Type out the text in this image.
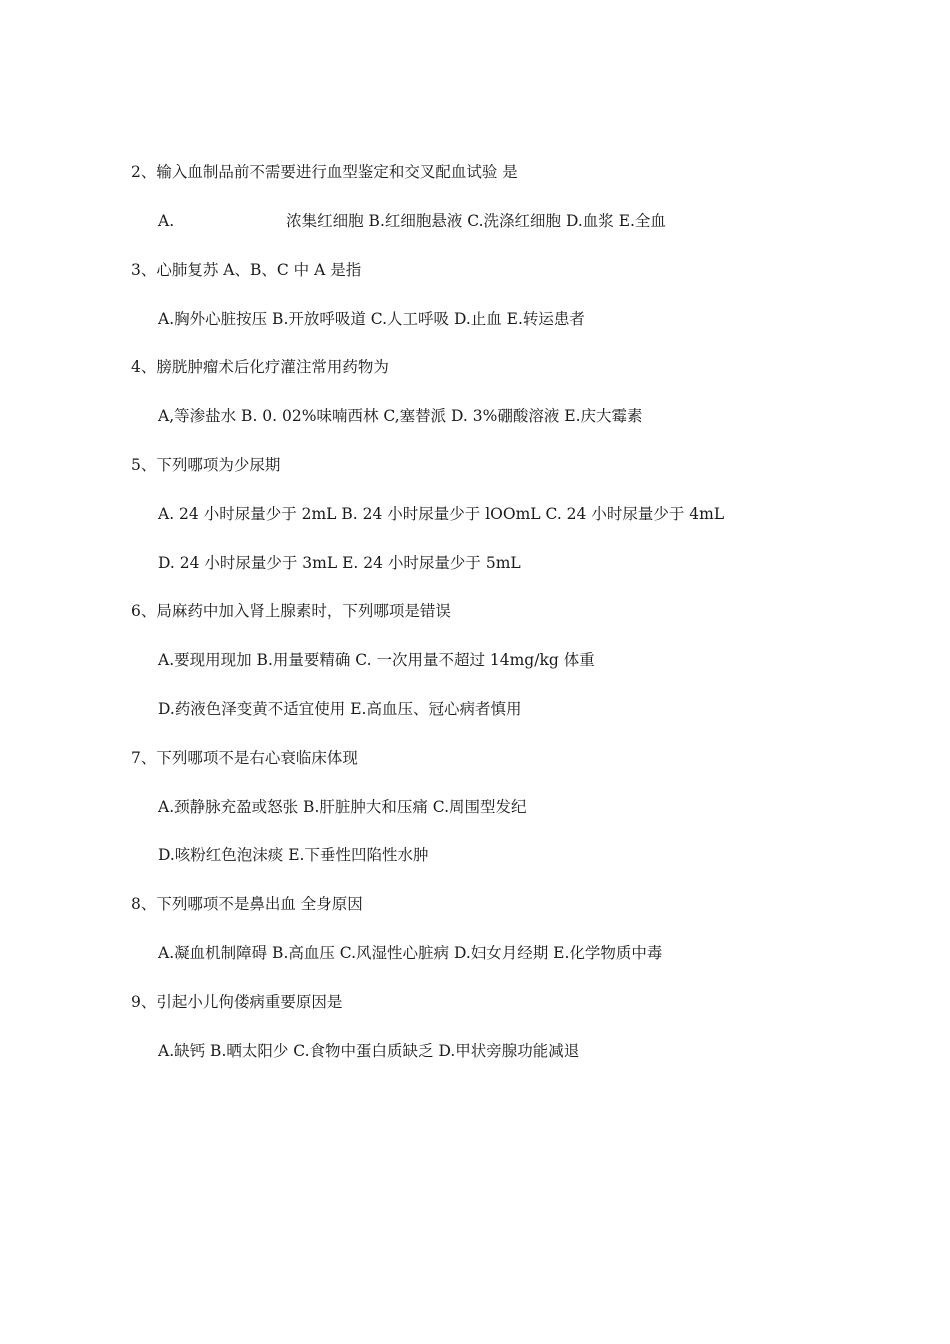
2、输入血制品前不需要进行血型鉴定和交叉配血试验 是
A.	浓集红细胞 B.红细胞悬液 C.洗涤红细胞 D.血浆 E.全血
3、心肺复苏 A、B、C 中 A 是指
A.胸外心脏按压 B.开放呼吸道 C.人工呼吸 D.止血 E.转运患者
4、膀胱肿瘤术后化疗灌注常用药物为
A,等渗盐水 B. 0. 02%味喃西林 C,塞替派 D. 3%硼酸溶液 E.庆大霉素
5、下列哪项为少尿期
A. 24 小时尿量少于 2mL B. 24 小时尿量少于 lOOmL C. 24 小时尿量少于 4mL
D. 24 小时尿量少于 3mL E. 24 小时尿量少于 5mL
6、局麻药中加入肾上腺素时，下列哪项是错误
A.要现用现加 B.用量要精确 C. 一次用量不超过 14mg/kg 体重
D.药液色泽变黄不适宜使用 E.高血压、冠心病者慎用
7、下列哪项不是右心衰临床体现
A.颈静脉充盈或怒张 B.肝脏肿大和压痛 C.周围型发纪
D.咳粉红色泡沫痰 E.下垂性凹陷性水肿
8、下列哪项不是鼻出血 全身原因
A.凝血机制障碍 B.高血压 C.风湿性心脏病 D.妇女月经期 E.化学物质中毒
9、引起小儿佝偻病重要原因是
A.缺钙 B.晒太阳少 C.食物中蛋白质缺乏 D.甲状旁腺功能减退
